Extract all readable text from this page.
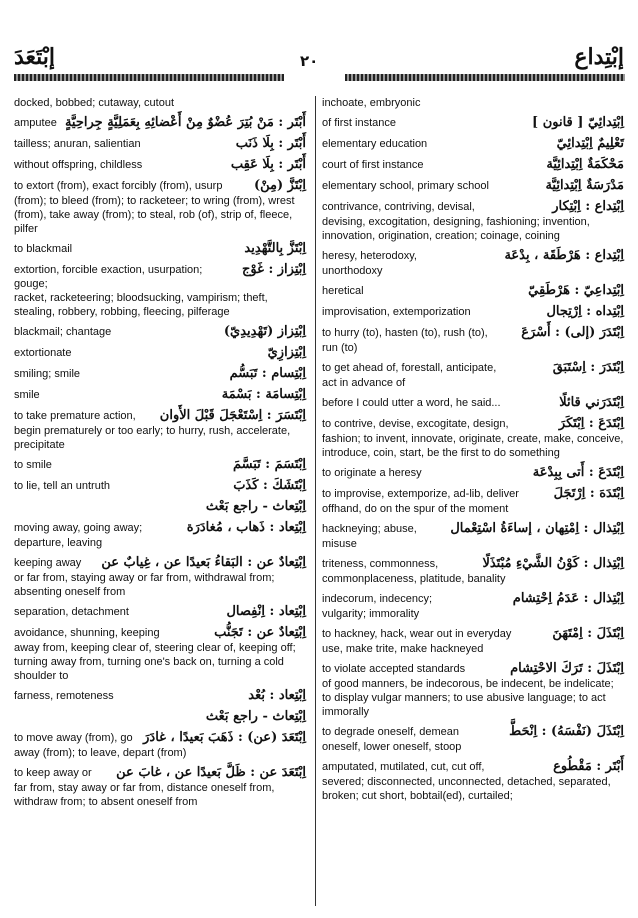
إبْتَعَدَ	٢٠	إبْتِداع
docked, bobbed; cutaway, cutout
amputee أَبْتَر : مَنْ بُتِرَ عُضْوٌ مِنْ أَعْضائِهِ بِعَمَلِيَّةٍ جِراحِيَّةٍ
tailless; anuran, salientian	أَبْتَر : بِلَا ذَنَب
without offspring, childless	أَبْتَر : بِلَا عَقِب
to extort (from), exact forcibly (from), usurp	اِبْتَزَّ (مِنْ)
(from); to bleed (from); to racketeer; to wring (from), wrest (from), take away (from); to steal, rob (of), strip of, fleece, pilfer
to blackmail	اِبْتَزَّ بِالتَّهْدِيد
extortion, forcible exaction, usurpation; gouge;
اِبْتِزاز : غَوْج
racket, racketeering; bloodsucking, vampirism; theft, stealing, robbery, robbing, fleecing, pilferage
blackmail; chantage	اِبْتِزاز (تَهْدِيدِيّ)
extortionate	اِبْتِزازِيّ
smiling; smile	اِبْتِسام : تَبَسُّم
smile	اِبْتِسامَة : بَسْمَة
to take premature action,	اِبْتَسَرَ : اِسْتَعْجَلَ قَبْلَ الأَوان
begin prematurely or too early; to hurry, rush, accelerate, precipitate
to smile	اِبْتَسَمَ : تَبَسَّمَ
to lie, tell an untruth	اِبْتَشَكَ : كَذَبَ
اِبْتِعاث - راجع بَعْث
moving away, going away;	اِبْتِعاد : ذَهاب ، مُغادَرَة
departure, leaving
keeping away	اِبْتِعادٌ عن : البَقاءُ بَعيدًا عن ، غِيابٌ عن
or far from, staying away or far from, withdrawal from; absenting oneself from
separation, detachment	اِبْتِعاد : اِنْفِصال
avoidance, shunning, keeping	اِبْتِعادٌ عن : تَجَنُّب
away from, keeping clear of, steering clear of, keeping off; turning away from, turning one's back on, turning a cold shoulder to
farness, remoteness	اِبْتِعاد : بُعْد
اِبْتِعاث - راجع بَعْث
to move away (from), go اِبْتَعَدَ (عن) : ذَهَبَ بَعيدًا ، غادَرَ
away (from); to leave, depart (from)
to keep away or	اِبْتَعَدَ عن : ظَلَّ بَعيدًا عن ، غابَ عن
far from, stay away or far from, distance oneself from, withdraw from; to absent oneself from
inchoate, embryonic
of first instance	اِبْتِدائِيّ [ قانون ]
elementary education	تَعْلِيمٌ اِبْتِدائِيّ
court of first instance	مَحْكَمَةٌ اِبْتِدائِيَّة
elementary school, primary school	مَدْرَسَةٌ اِبْتِدائِيَّة
contrivance, contriving, devisal,	اِبْتِداع : اِبْتِكار
devising, excogitation, designing, fashioning; invention, innovation, origination, creation; coinage, coining
heresy, heterodoxy,	اِبْتِداع : هَرْطَقَة ، بِدْعَة
unorthodoxy
heretical	اِبْتِداعِيّ : هَرْطَقِيّ
improvisation, extemporization	اِبْتِداه : اِرْتِجال
to hurry (to), hasten (to), rush (to),	اِبْتَدَرَ (إلى) : أَسْرَعَ
run (to)
to get ahead of, forestall, anticipate,	اِبْتَدَرَ : اِسْتَبَقَ
act in advance of
before I could utter a word, he said...	اِبْتَدَرَني قائلًا
to contrive, devise, excogitate, design,	اِبْتَدَعَ : اِبْتَكَرَ
fashion; to invent, innovate, originate, create, make, conceive, introduce, coin, start, be the first to do something
to originate a heresy	اِبْتَدَعَ : أَتى بِبِدْعَة
to improvise, extemporize, ad-lib, deliver	اِبْتَدَهَ : اِرْتَجَلَ
offhand, do on the spur of the moment
hackneying; abuse,	اِبْتِذال : اِمْتِهان ، إساءَةُ اسْتِعْمال
misuse
triteness, commonness,	اِبْتِذال : كَوْنُ الشَّيْءِ مُبْتَذَلًا
commonplaceness, platitude, banality
indecorum, indecency;	اِبْتِذال : عَدَمُ اِحْتِشام
vulgarity; immorality
to hackney, hack, wear out in everyday	اِبْتَذَلَ : اِمْتَهَنَ
use, make trite, make hackneyed
to violate accepted standards	اِبْتَذَلَ : تَرَكَ الاحْتِشام
of good manners, be indecorous, be indecent, be indelicate; to display vulgar manners; to use abusive language; to act immorally
to degrade oneself, demean	اِبْتَذَلَ (نَفْسَهُ) : اِنْحَطَّ
oneself, lower oneself, stoop
amputated, mutilated, cut, cut off,	أَبْتَر : مَقْطُوع
severed; disconnected, unconnected, detached, separated, broken; cut short, bobtail(ed), curtailed;
